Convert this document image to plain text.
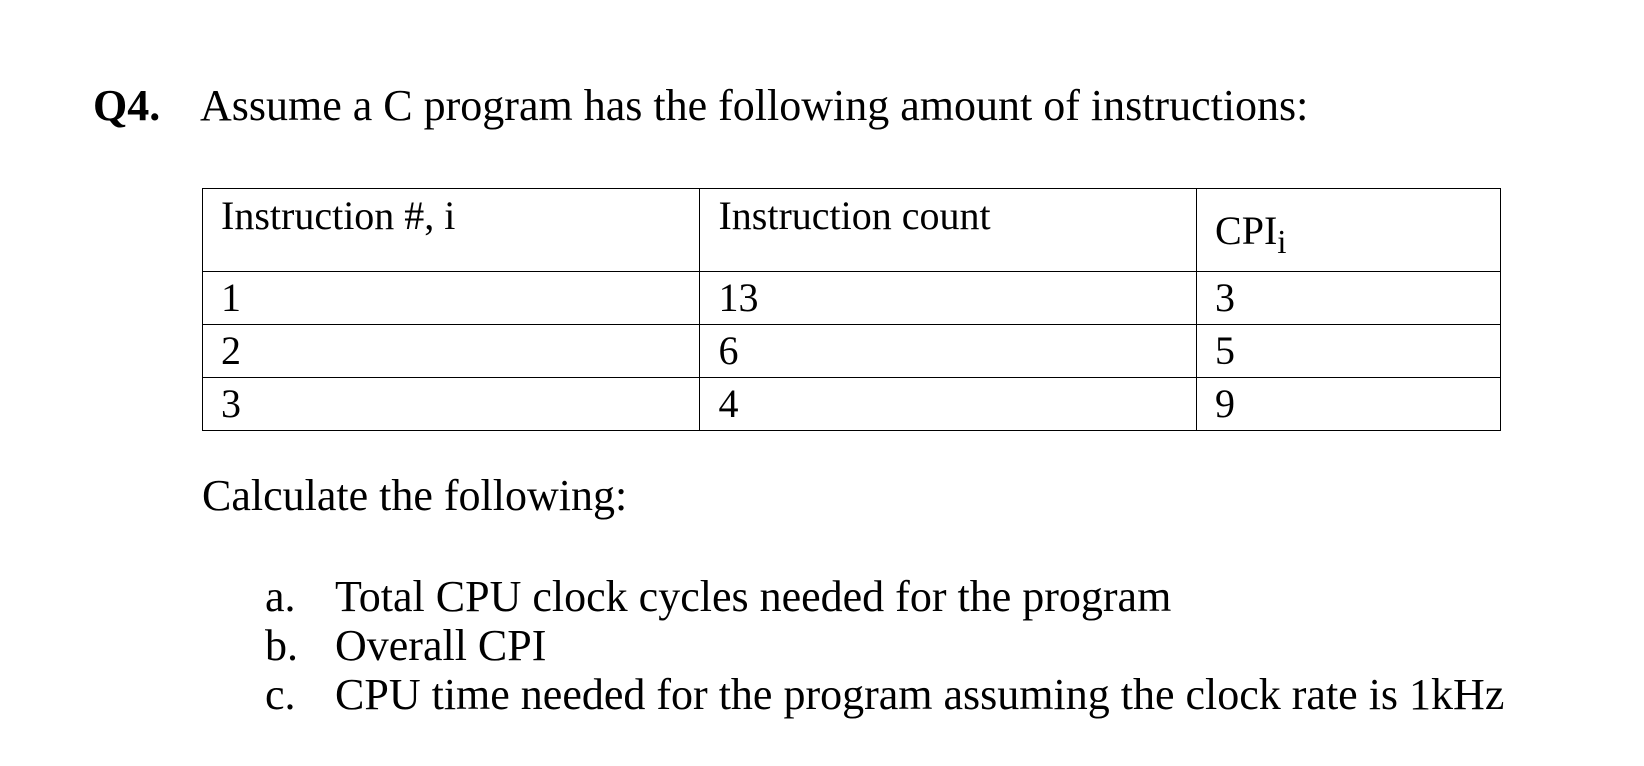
Q4. Assume a C program has the following amount of instructions:
Instruction #, i	Instruction count	$CPI_i$
1	13	3
2	6	5
3	4	9
Calculate the following:
a. Total CPU clock cycles needed for the program
b. Overall CPI
c. CPU time needed for the program assuming the clock rate is 1kHz
